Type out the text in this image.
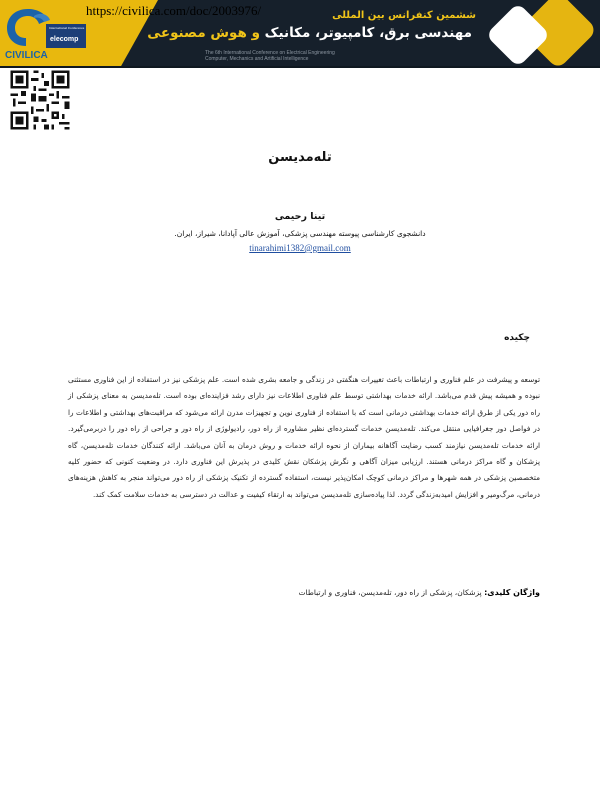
International Conference
elecomp
CIVILICA
ششمین کنفرانس بین المللی
مهندسی برق، کامپیوتر، مکانیک و هوش مصنوعی
The 6th International Conference on Electrical Engineering
Computer, Mechanics and Artificial Intelligence
https://civilica.com/doc/2003976/
تله‌مدیسن
تینا رحیمی
دانشجوی کارشناسی پیوسته مهندسی پزشکی، آموزش عالی آپادانا، شیراز، ایران.
tinarahimi1382@gmail.com
چکیده
توسعه و پیشرفت در علم فناوری و ارتباطات باعث تغییرات هنگفتی در زندگی و جامعه بشری شده است. علم پزشکی نیز در استفاده از این فناوری مستثنی نبوده و همیشه پیش قدم می‌باشد. ارائه خدمات بهداشتی توسط علم فناوری اطلاعات نیز دارای رشد فزاینده‌ای بوده است. تله‌مدیسن به معنای پزشکی از راه دور یکی از طرق ارائه خدمات بهداشتی درمانی است که با استفاده از فناوری نوین و تجهیزات مدرن ارائه می‌شود که مراقبت‌های بهداشتی و اطلاعات را در فواصل دور جغرافیایی منتقل می‌کند. تله‌مدیسن خدمات گسترده‌ای نظیر مشاوره از راه دور، رادیولوژی از راه دور و جراحی از راه دور را دربرمی‌گیرد. ارائه خدمات تله‌مدیسن نیازمند کسب رضایت آگاهانه بیماران از نحوه ارائه خدمات و روش درمان به آنان می‌باشد. ارائه کنندگان خدمات تله‌مدیسن، گاه پزشکان و گاه مراکز درمانی هستند. ارزیابی میزان آگاهی و نگرش پزشکان نقش کلیدی در پذیرش این فناوری دارد. در وضعیت کنونی که حضور کلیه متخصصین پزشکی در همه شهرها و مراکز درمانی کوچک امکان‌پذیر نیست، استفاده گسترده از تکنیک پزشکی از راه دور می‌تواند منجر به کاهش هزینه‌های درمانی، مرگ‌ومیر و افزایش امید‌به‌زندگی گردد. لذا پیاده‌سازی تله‌مدیسن می‌تواند به ارتقاء کیفیت و عدالت در دسترسی به خدمات سلامت کمک کند.
واژگان کلیدی: پزشکان، پزشکی از راه دور، تله‌مدیسن، فناوری و ارتباطات
